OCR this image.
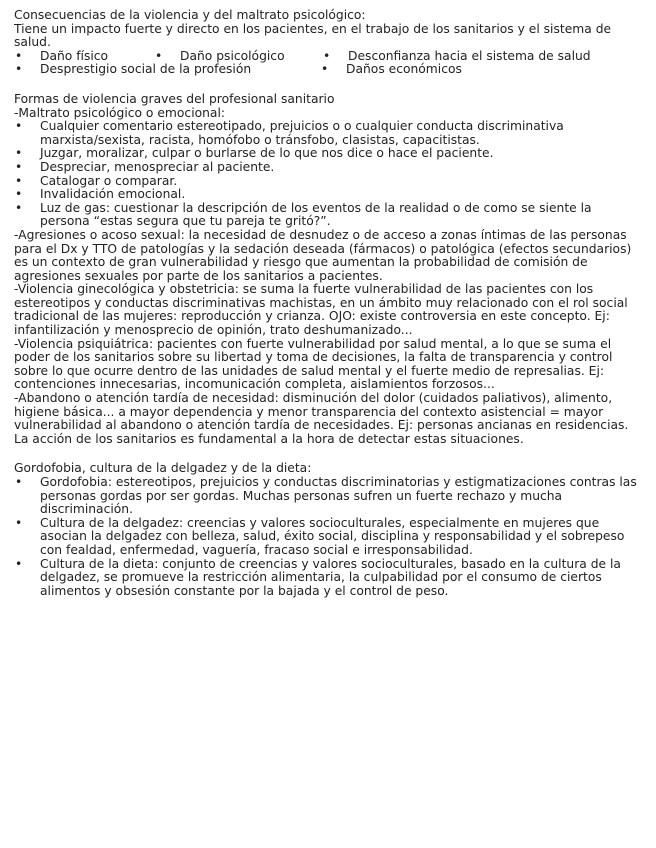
Consecuencias de la violencia y del maltrato psicológico:

Tiene un impacto fuerte y directo en los pacientes, en el trabajo de los sanitarios y el sistema de salud.

• Daño físico	• Daño psicológico	• Desconfianza hacia el sistema de salud
• Desprestigio social de la profesión	• Daños económicos

Formas de violencia graves del profesional sanitario

-Maltrato psicológico o emocional:

• Cualquier comentario estereotipado, prejuicios o o cualquier conducta discriminativa marxista/sexista, racista, homófobo o tránsfobo, clasistas, capacitistas.
• Juzgar, moralizar, culpar o burlarse de lo que nos dice o hace el paciente.
• Despreciar, menospreciar al paciente.
• Catalogar o comparar.
• Invalidación emocional.
• Luz de gas: cuestionar la descripción de los eventos de la realidad o de como se siente la persona “estas segura que tu pareja te gritó?”.

-Agresiones o acoso sexual: la necesidad de desnudez o de acceso a zonas íntimas de las personas para el Dx y TTO de patologías y la sedación deseada (fármacos) o patológica (efectos secundarios) es un contexto de gran vulnerabilidad y riesgo que aumentan la probabilidad de comisión de agresiones sexuales por parte de los sanitarios a pacientes.

-Violencia ginecológica y obstetricia: se suma la fuerte vulnerabilidad de las pacientes con los estereotipos y conductas discriminativas machistas, en un ámbito muy relacionado con el rol social tradicional de las mujeres: reproducción y crianza. OJO: existe controversia en este concepto. Ej: infantilización y menosprecio de opinión, trato deshumanizado...

-Violencia psiquiátrica: pacientes con fuerte vulnerabilidad por salud mental, a lo que se suma el poder de los sanitarios sobre su libertad y toma de decisiones, la falta de transparencia y control sobre lo que ocurre dentro de las unidades de salud mental y el fuerte medio de represalias. Ej: contenciones innecesarias, incomunicación completa, aislamientos forzosos...

-Abandono o atención tardía de necesidad: disminución del dolor (cuidados paliativos), alimento, higiene básica... a mayor dependencia y menor transparencia del contexto asistencial = mayor vulnerabilidad al abandono o atención tardía de necesidades. Ej: personas ancianas en residencias. La acción de los sanitarios es fundamental a la hora de detectar estas situaciones.

Gordofobia, cultura de la delgadez y de la dieta:

• Gordofobia: estereotipos, prejuicios y conductas discriminatorias y estigmatizaciones contras las personas gordas por ser gordas. Muchas personas sufren un fuerte rechazo y mucha discriminación.
• Cultura de la delgadez: creencias y valores socioculturales, especialmente en mujeres que asocian la delgadez con belleza, salud, éxito social, disciplina y responsabilidad y el sobrepeso con fealdad, enfermedad, vaguería, fracaso social e irresponsabilidad.
• Cultura de la dieta: conjunto de creencias y valores socioculturales, basado en la cultura de la delgadez, se promueve la restricción alimentaria, la culpabilidad por el consumo de ciertos alimentos y obsesión constante por la bajada y el control de peso.
